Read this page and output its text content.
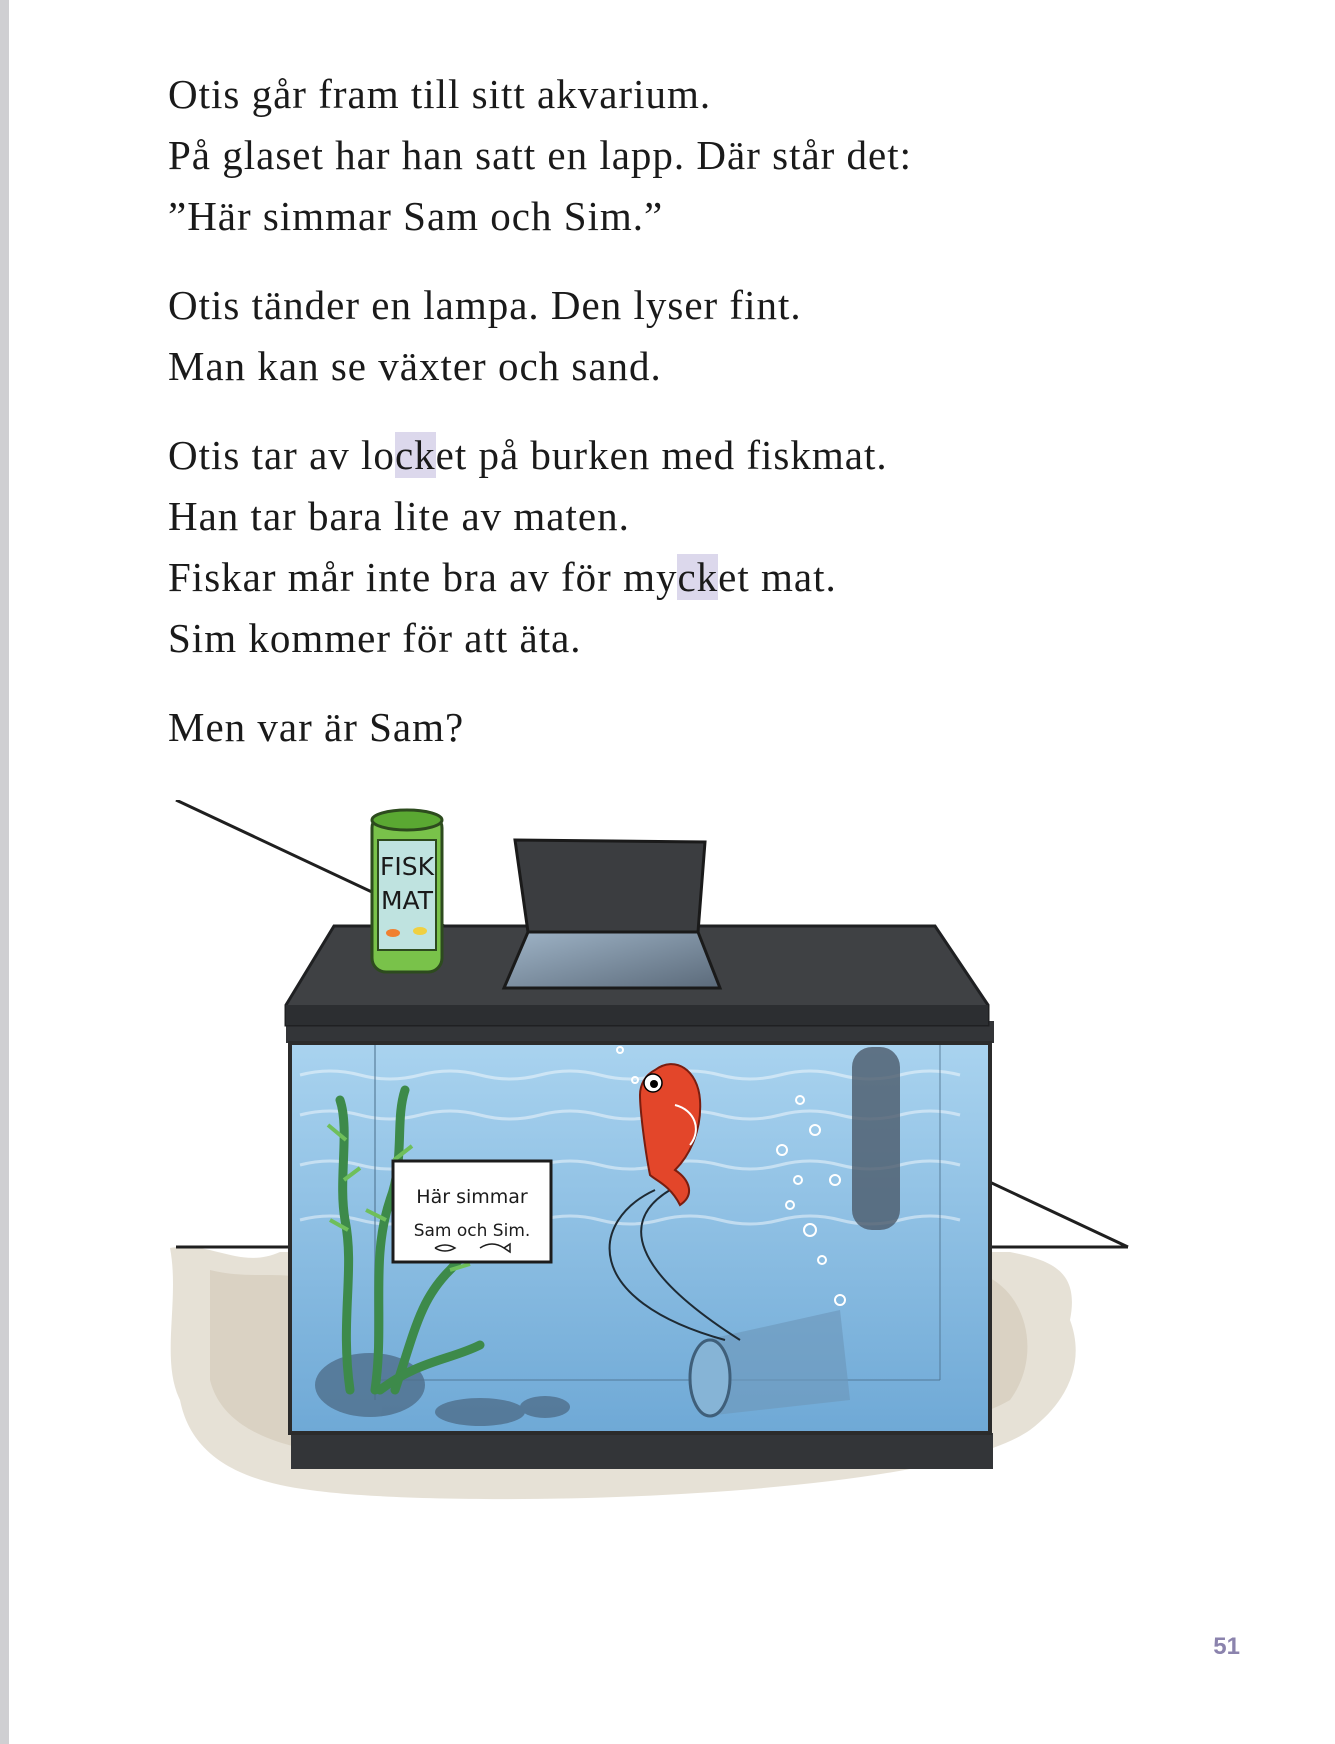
Otis går fram till sitt akvarium.
På glaset har han satt en lapp. Där står det:
”Här simmar Sam och Sim.”

Otis tänder en lampa. Den lyser fint.
Man kan se växter och sand.

Otis tar av locket på burken med fiskmat.
Han tar bara lite av maten.
Fiskar mår inte bra av för mycket mat.
Sim kommer för att äta.

Men var är Sam?

Här simmar
Sam och Sim.
FISK
MAT
51
